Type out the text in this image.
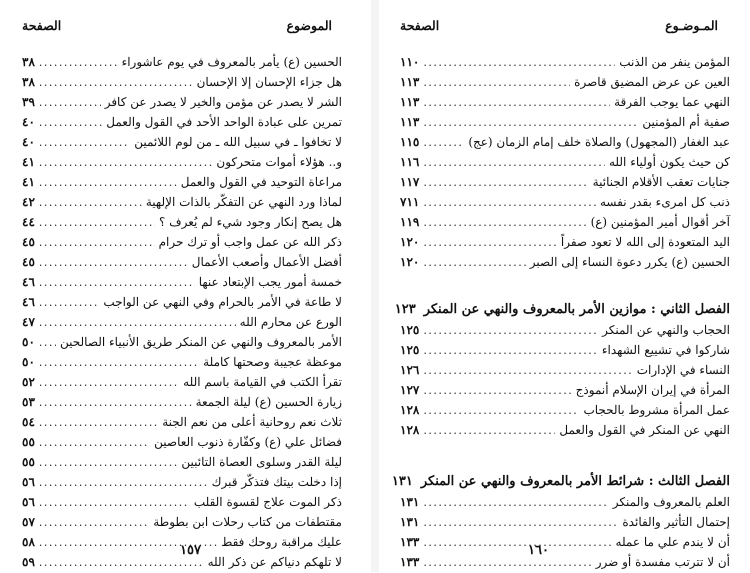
الموضوع
الصفحة
الحسين (ع) يأمر بالمعروف في يوم عاشوراء
.....
٣٨
هل جزاء الإحسان إلا الإحسان
.....
٣٨
الشر لا يصدر عن مؤمن والخير لا يصدر عن كافر
.....
٣٩
تمرين على عبادة الواحد الأحد في القول والعمل
.....
٤٠
لا تخافوا ـ في سبيل الله ـ من لوم اللائمين
.....
٤٠
و.. هؤلاء أموات متحركون
.....
٤١
مراعاة التوحيد في القول والعمل
.....
٤١
لماذا ورد النهي عن التفكّر بالذات الإلهية
.....
٤٢
هل يصح إنكار وجود شيء لم يُعرف ؟
.....
٤٤
ذكر الله عن عمل واجب أو ترك حرام
.....
٤٥
أفضل الأعمال وأصعب الأعمال
.....
٤٥
خمسة أمور يجب الإبتعاد عنها
.....
٤٦
لا طاعة في الأمر بالحرام وفي النهي عن الواجب
.....
٤٦
الورع عن محارم الله
.....
٤٧
الأمر بالمعروف والنهي عن المنكر طريق الأنبياء الصالحين
.....
٥٠
موعظة عجيبة وصحتها كاملة
.....
٥٠
تقرأ الكتب في القيامة باسم الله
.....
٥٢
زيارة الحسين (ع) ليلة الجمعة
.....
٥٣
ثلاث نعم روحانية أعلى من نعم الجنة
.....
٥٤
فضائل علي (ع) وكفّارة ذنوب العاصين
.....
٥٥
ليلة القدر وسلوى العصاة التائبين
.....
٥٥
إذا دخلت بيتك فتذكّر قبرك
.....
٥٦
ذكر الموت علاج لقسوة القلب
.....
٥٦
مقتطفات من كتاب رحلات ابن بطوطة
.....
٥٧
عليك مراقبة روحك فقط
.....
٥٨
لا تلهكم دنياكم عن ذكر الله
.....
٥٩
١٥٧
المـوضـوع
الصفحة
المؤمن ينفر من الذنب
.....
١١٠
العين عن عرض المضيق قاصرة
.....
١١٣
النهي عما يوجب الفرقة
.....
١١٣
صفية أم المؤمنين
.....
١١٣
عبد الغفار (المجهول) والصلاة خلف إمام الزمان (عج)
.....
١١٥
كن حيث يكون أولياء الله
.....
١١٦
جنايات تعقب الأقلام الجنائية
.....
١١٧
ذنب كل امرىء بقدر نفسه
.....
٧١١
آخر أقوال أمير المؤمنين (ع)
.....
١١٩
اليد المتعودة إلى الله لا تعود صفراً
.....
١٢٠
الحسين (ع) يكرر دعوة النساء إلى الصبر
.....
١٢٠
الفصل الثاني : موازين الأمر بالمعروف والنهي عن المنكر
١٢٣
الحجاب والنهي عن المنكر
.....
١٢٥
شاركوا في تشييع الشهداء
.....
١٢٥
النساء في الإدارات
.....
١٢٦
المرأة في إيران الإسلام أنموذج
.....
١٢٧
عمل المرأة مشروط بالحجاب
.....
١٢٨
النهي عن المنكر في القول والعمل
.....
١٢٨
الفصل الثالث : شرائط الأمر بالمعروف والنهي عن المنكر
١٣١
العلم بالمعروف والمنكر
.....
١٣١
إحتمال التأثير والفائدة
.....
١٣١
أن لا يندم علي ما عمله
.....
١٣٣
أن لا تترتب مفسدة أو ضرر
.....
١٣٣
١٦٠
